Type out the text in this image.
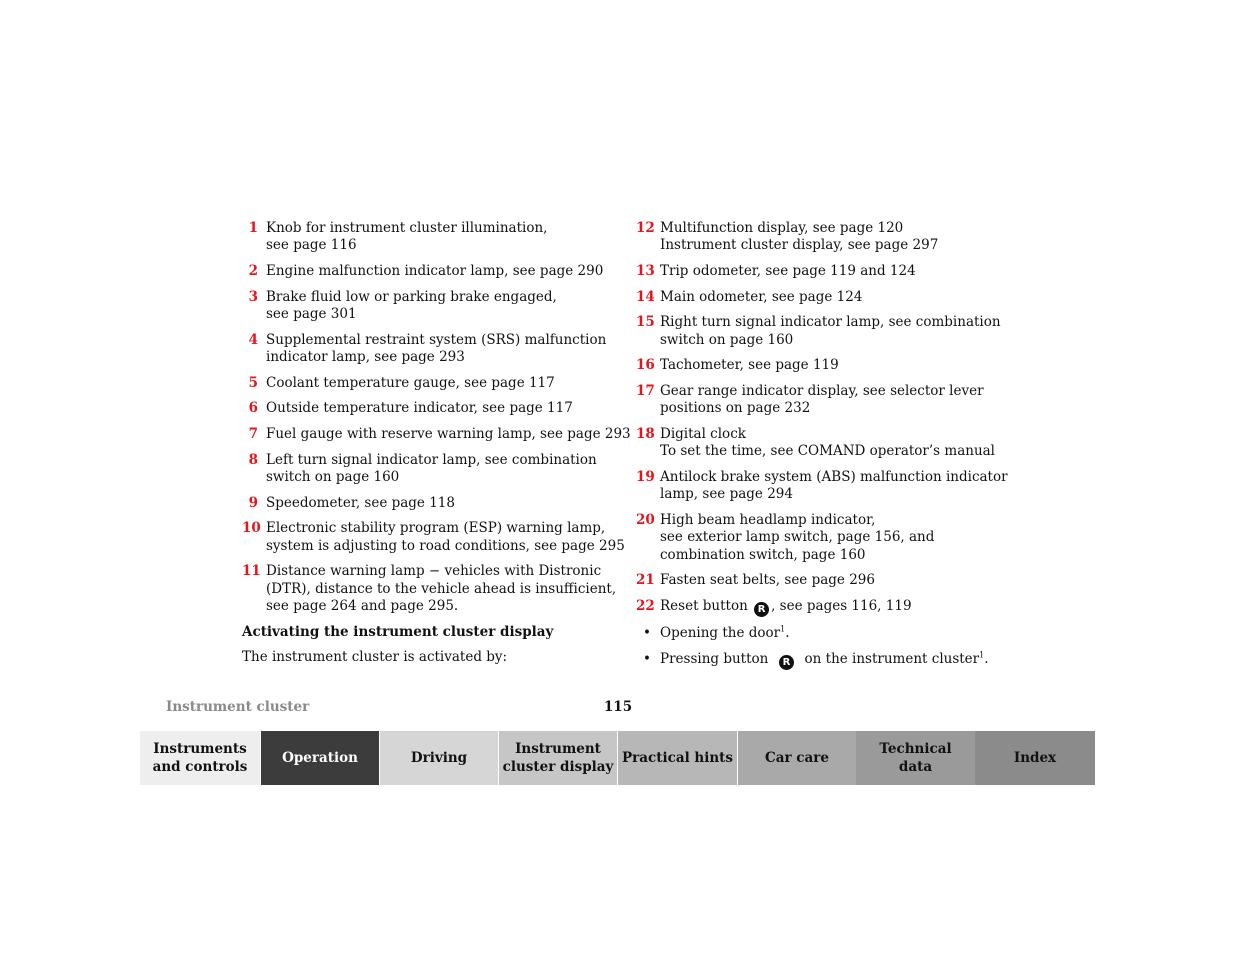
1 Knob for instrument cluster illumination,
see page 116
2 Engine malfunction indicator lamp, see page 290
3 Brake fluid low or parking brake engaged,
see page 301
4 Supplemental restraint system (SRS) malfunction
indicator lamp, see page 293
5 Coolant temperature gauge, see page 117
6 Outside temperature indicator, see page 117
7 Fuel gauge with reserve warning lamp, see page 293
8 Left turn signal indicator lamp, see combination
switch on page 160
9 Speedometer, see page 118
10 Electronic stability program (ESP) warning lamp,
system is adjusting to road conditions, see page 295
11 Distance warning lamp − vehicles with Distronic
(DTR), distance to the vehicle ahead is insufficient,
see page 264 and page 295.
Activating the instrument cluster display
The instrument cluster is activated by:
12 Multifunction display, see page 120
Instrument cluster display, see page 297
13 Trip odometer, see page 119 and 124
14 Main odometer, see page 124
15 Right turn signal indicator lamp, see combination
switch on page 160
16 Tachometer, see page 119
17 Gear range indicator display, see selector lever
positions on page 232
18 Digital clock
To set the time, see COMAND operator’s manual
19 Antilock brake system (ABS) malfunction indicator
lamp, see page 294
20 High beam headlamp indicator,
see exterior lamp switch, page 156, and
combination switch, page 160
21 Fasten seat belts, see page 296
22 Reset button R , see pages 116, 119
• Opening the door$^1$.
• Pressing button  R  on the instrument cluster$^1$.
Instrument cluster	115
Instruments
and controls
Operation	Driving
Instrument
cluster display
Practical hints Car care
Technical
data
Index
